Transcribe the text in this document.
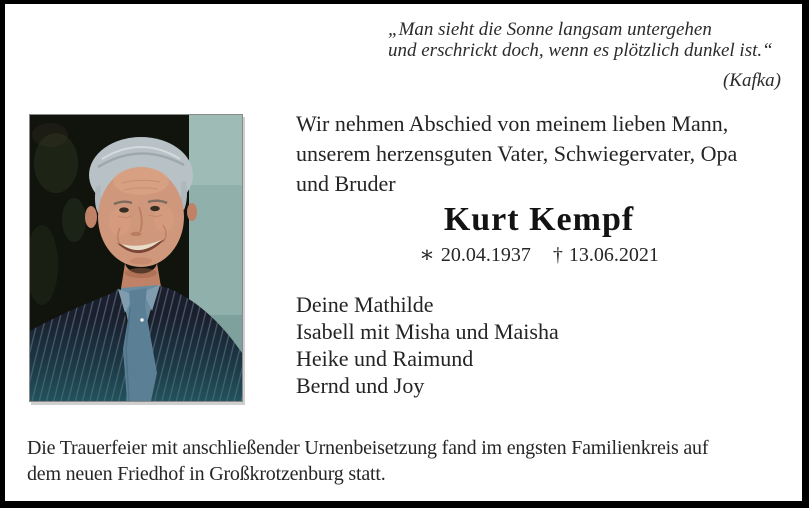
„Man sieht die Sonne langsam untergehen
und erschrickt doch, wenn es plötzlich dunkel ist.“
(Kafka)
Wir nehmen Abschied von meinem lieben Mann,
unserem herzensguten Vater, Schwiegervater, Opa
und Bruder
Kurt Kempf
∗ 20.04.1937 † 13.06.2021
Deine Mathilde
Isabell mit Misha und Maisha
Heike und Raimund
Bernd und Joy
Die Trauerfeier mit anschließender Urnenbeisetzung fand im engsten Familienkreis auf
dem neuen Friedhof in Großkrotzenburg statt.
